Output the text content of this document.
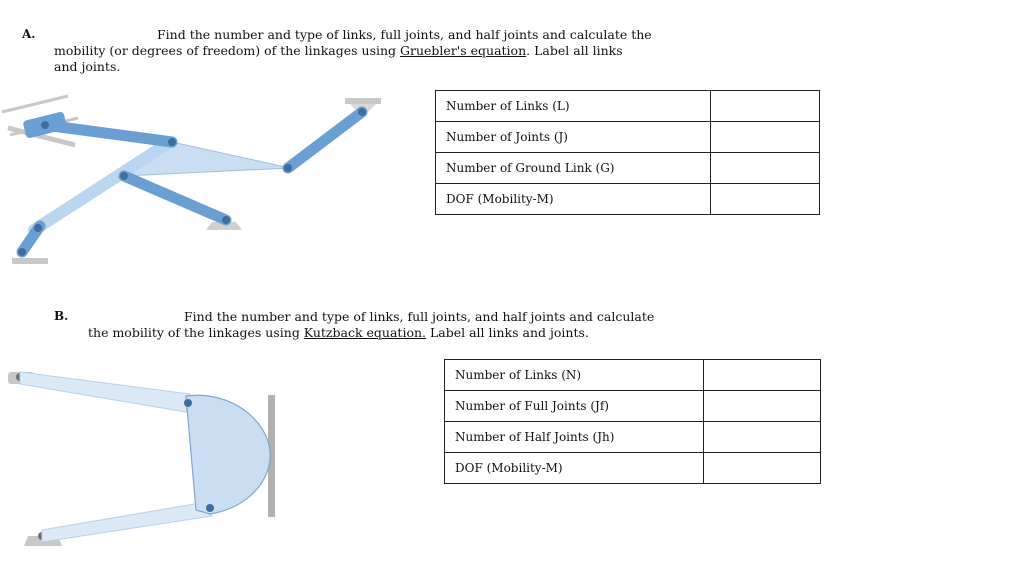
A.	Find the number and type of links, full joints, and half joints and calculate the
mobility (or degrees of freedom) of the linkages using Gruebler's equation. Label all links
and joints.
Number of Links (L)	
Number of Joints (J)	
Number of Ground Link (G)	
DOF (Mobility-M)	
B.	Find the number and type of links, full joints, and half joints and calculate
the mobility of the linkages using Kutzback equation. Label all links and joints.
Number of Links (N)	
Number of Full Joints (Jf)	
Number of Half Joints (Jh)	
DOF (Mobility-M)	
